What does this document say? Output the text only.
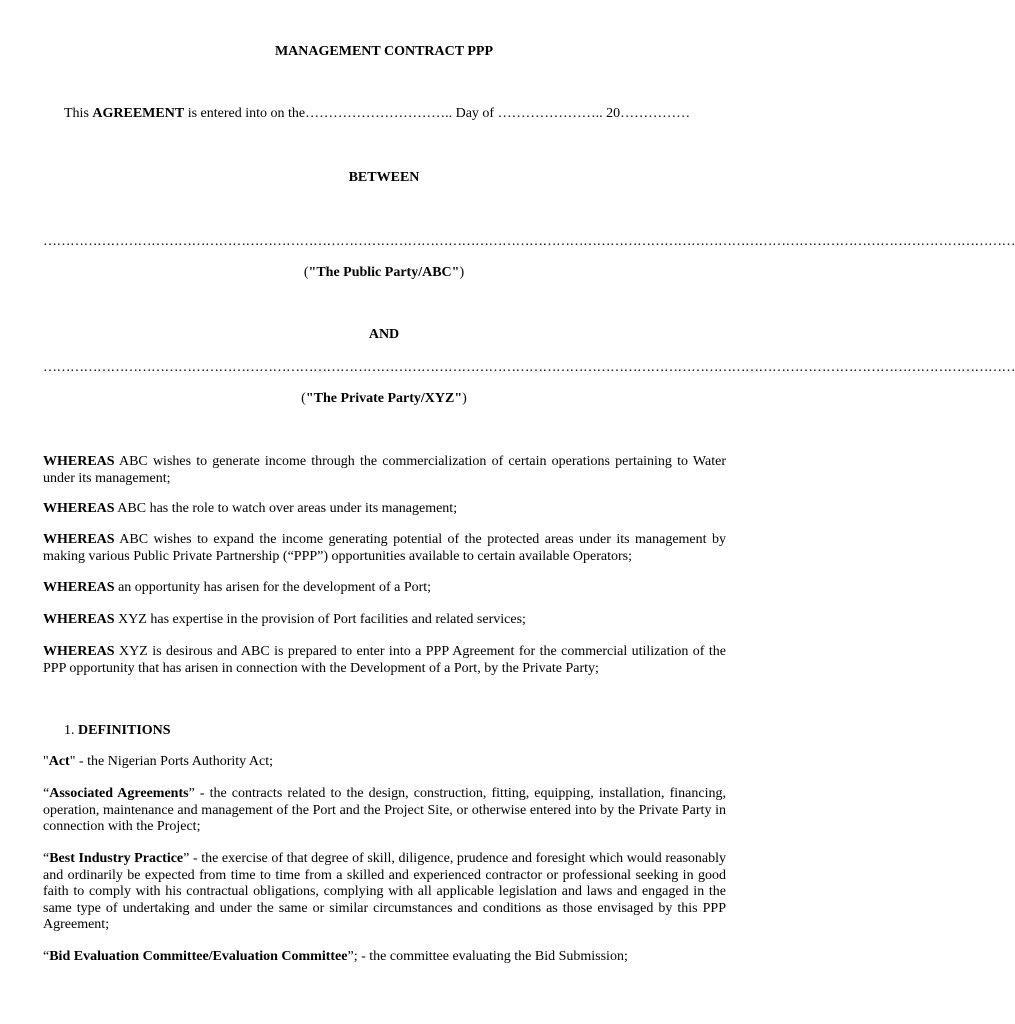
MANAGEMENT CONTRACT PPP
This AGREEMENT is entered into on the………………………….. Day of ………………….. 20……………
BETWEEN
………………………………………………………………………………………………………………………………………………………………………………………………
("The Public Party/ABC")
AND
………………………………………………………………………………………………………………………………………………………………………………………………
("The Private Party/XYZ")

WHEREAS ABC wishes to generate income through the commercialization of certain operations pertaining to Water under its management;

WHEREAS ABC has the role to watch over areas under its management;

WHEREAS ABC wishes to expand the income generating potential of the protected areas under its management by making various Public Private Partnership (“PPP”) opportunities available to certain available Operators;

WHEREAS an opportunity has arisen for the development of a Port;

WHEREAS XYZ has expertise in the provision of Port facilities and related services;

WHEREAS XYZ is desirous and ABC is prepared to enter into a PPP Agreement for the commercial utilization of the PPP opportunity that has arisen in connection with the Development of a Port, by the Private Party;

1. DEFINITIONS

"Act" - the Nigerian Ports Authority Act;

“Associated Agreements” - the contracts related to the design, construction, fitting, equipping, installation, financing, operation, maintenance and management of the Port and the Project Site, or otherwise entered into by the Private Party in connection with the Project;

“Best Industry Practice” - the exercise of that degree of skill, diligence, prudence and foresight which would reasonably and ordinarily be expected from time to time from a skilled and experienced contractor or professional seeking in good faith to comply with his contractual obligations, complying with all applicable legislation and laws and engaged in the same type of undertaking and under the same or similar circumstances and conditions as those envisaged by this PPP Agreement;

“Bid Evaluation Committee/Evaluation Committee”; - the committee evaluating the Bid Submission;
